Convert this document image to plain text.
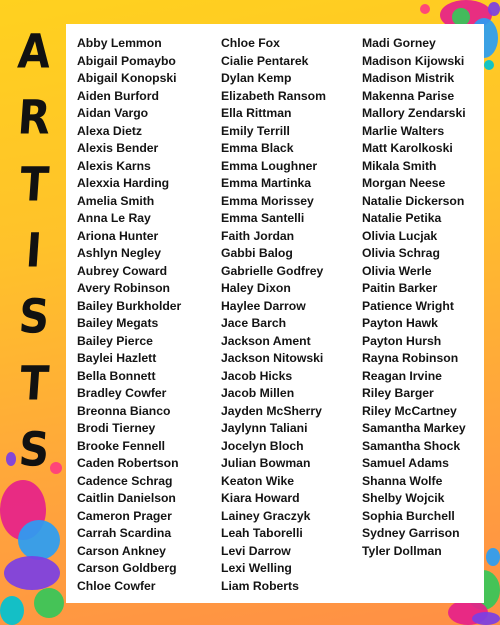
A
R
T
I
S
T
S
Abby Lemmon
Abigail Pomaybo
Abigail Konopski
Aiden Burford
Aidan Vargo
Alexa Dietz
Alexis Bender
Alexis Karns
Alexxia Harding
Amelia Smith
Anna Le Ray
Ariona Hunter
Ashlyn Negley
Aubrey Coward
Avery Robinson
Bailey Burkholder
Bailey Megats
Bailey Pierce
Baylei Hazlett
Bella Bonnett
Bradley Cowfer
Breonna Bianco
Brodi Tierney
Brooke Fennell
Caden Robertson
Cadence Schrag
Caitlin Danielson
Cameron Prager
Carrah Scardina
Carson Ankney
Carson Goldberg
Chloe Cowfer
Chloe Fox
Cialie Pentarek
Dylan Kemp
Elizabeth Ransom
Ella Rittman
Emily Terrill
Emma Black
Emma Loughner
Emma Martinka
Emma Morissey
Emma Santelli
Faith Jordan
Gabbi Balog
Gabrielle Godfrey
Haley Dixon
Haylee Darrow
Jace Barch
Jackson Ament
Jackson Nitowski
Jacob Hicks
Jacob Millen
Jayden McSherry
Jaylynn Taliani
Jocelyn Bloch
Julian Bowman
Keaton Wike
Kiara Howard
Lainey Graczyk
Leah Taborelli
Levi Darrow
Lexi Welling
Liam Roberts
Madi Gorney
Madison Kijowski
Madison Mistrik
Makenna Parise
Mallory Zendarski
Marlie Walters
Matt Karolkoski
Mikala Smith
Morgan Neese
Natalie Dickerson
Natalie Petika
Olivia Lucjak
Olivia Schrag
Olivia Werle
Paitin Barker
Patience Wright
Payton Hawk
Payton Hursh
Rayna Robinson
Reagan Irvine
Riley Barger
Riley McCartney
Samantha Markey
Samantha Shock
Samuel Adams
Shanna Wolfe
Shelby Wojcik
Sophia Burchell
Sydney Garrison
Tyler Dollman
